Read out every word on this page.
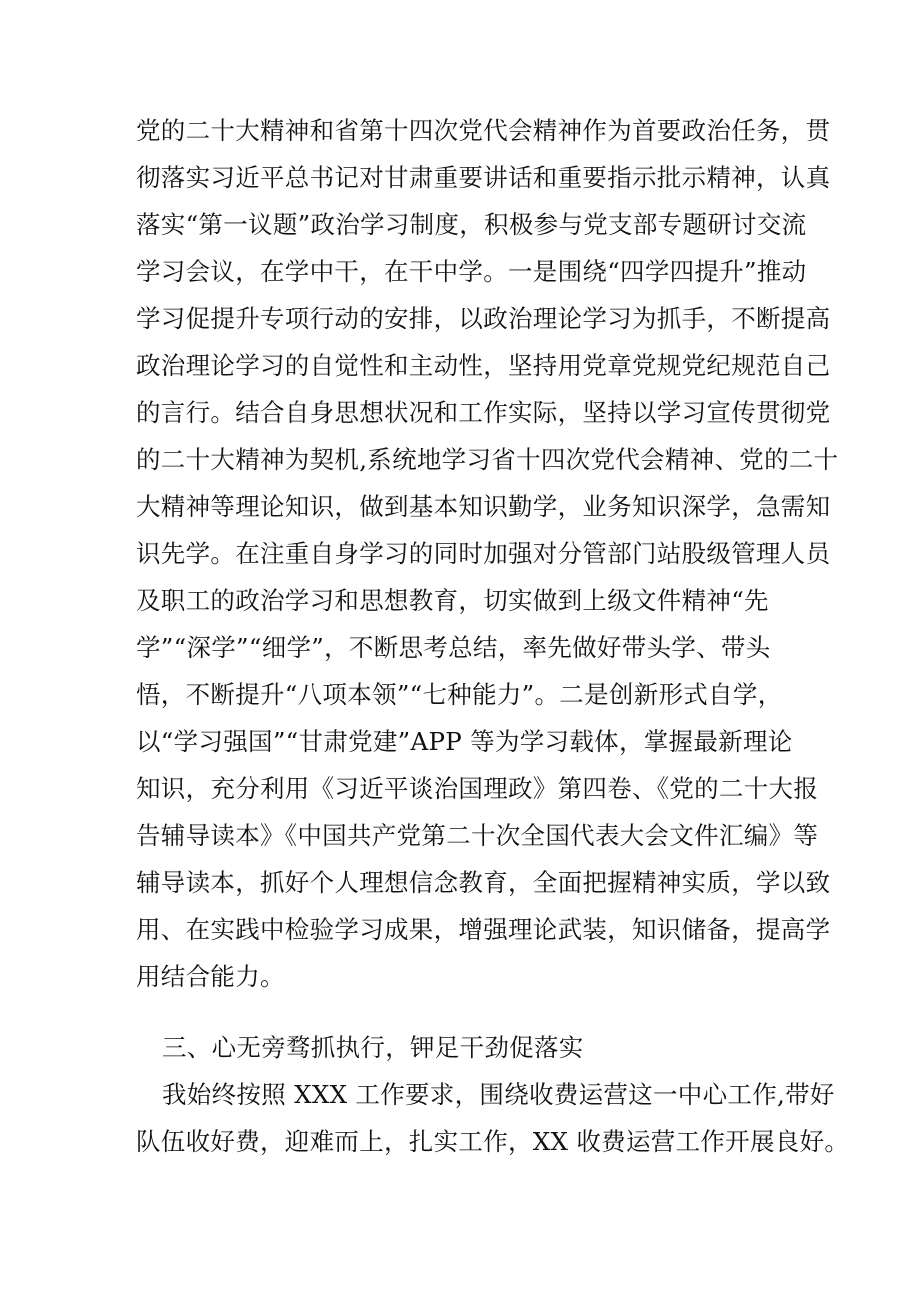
党的二十大精神和省第十四次党代会精神作为首要政治任务，贯
彻落实习近平总书记对甘肃重要讲话和重要指示批示精神，认真
落实“第一议题”政治学习制度，积极参与党支部专题研讨交流
学习会议，在学中干，在干中学。一是围绕“四学四提升”推动
学习促提升专项行动的安排，以政治理论学习为抓手，不断提高
政治理论学习的自觉性和主动性，坚持用党章党规党纪规范自己
的言行。结合自身思想状况和工作实际，坚持以学习宣传贯彻党
的二十大精神为契机,系统地学习省十四次党代会精神、党的二十
大精神等理论知识，做到基本知识勤学，业务知识深学，急需知
识先学。在注重自身学习的同时加强对分管部门站股级管理人员
及职工的政治学习和思想教育，切实做到上级文件精神“先
学”“深学”“细学”，不断思考总结，率先做好带头学、带头
悟，不断提升“八项本领”“七种能力”。二是创新形式自学，
以“学习强国”“甘肃党建”APP 等为学习载体，掌握最新理论
知识，充分利用《习近平谈治国理政》第四卷、《党的二十大报
告辅导读本》《中国共产党第二十次全国代表大会文件汇编》等
辅导读本，抓好个人理想信念教育，全面把握精神实质，学以致
用、在实践中检验学习成果，增强理论武装，知识储备，提高学
用结合能力。
三、心无旁骛抓执行，钾足干劲促落实
我始终按照 XXX 工作要求，围绕收费运营这一中心工作,带好
队伍收好费，迎难而上，扎实工作，XX 收费运营工作开展良好。
